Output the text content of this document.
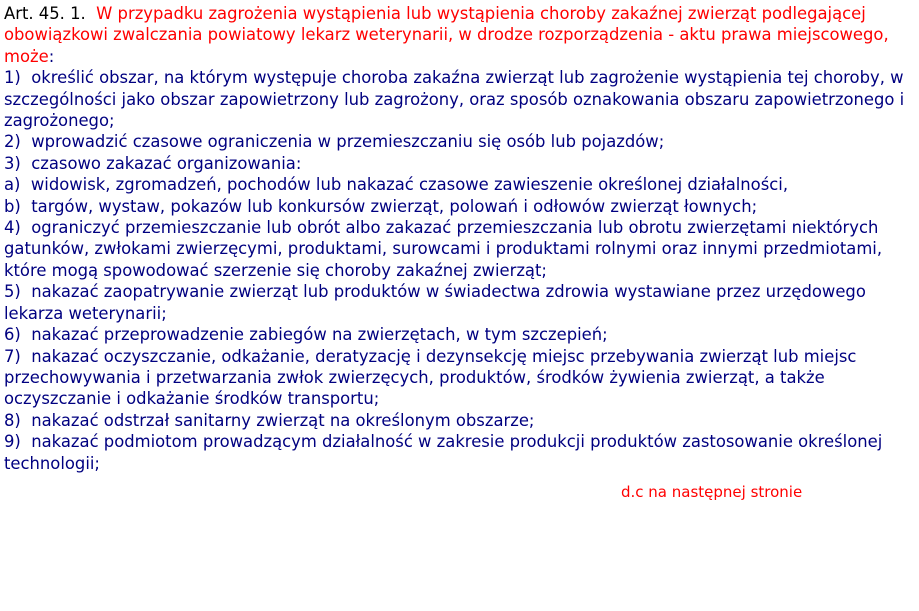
Art. 45. 1. W przypadku zagrożenia wystąpienia lub wystąpienia choroby zakaźnej zwierząt podlegającej obowiązkowi zwalczania powiatowy lekarz weterynarii, w drodze rozporządzenia - aktu prawa miejscowego, może:

1) określić obszar, na którym występuje choroba zakaźna zwierząt lub zagrożenie wystąpienia tej choroby, w szczególności jako obszar zapowietrzony lub zagrożony, oraz sposób oznakowania obszaru zapowietrzonego i zagrożonego;

2) wprowadzić czasowe ograniczenia w przemieszczaniu się osób lub pojazdów;

3) czasowo zakazać organizowania:

a) widowisk, zgromadzeń, pochodów lub nakazać czasowe zawieszenie określonej działalności,

b) targów, wystaw, pokazów lub konkursów zwierząt, polowań i odłowów zwierząt łownych;

4) ograniczyć przemieszczanie lub obrót albo zakazać przemieszczania lub obrotu zwierzętami niektórych gatunków, zwłokami zwierzęcymi, produktami, surowcami i produktami rolnymi oraz innymi przedmiotami, które mogą spowodować szerzenie się choroby zakaźnej zwierząt;

5) nakazać zaopatrywanie zwierząt lub produktów w świadectwa zdrowia wystawiane przez urzędowego lekarza weterynarii;

6) nakazać przeprowadzenie zabiegów na zwierzętach, w tym szczepień;

7) nakazać oczyszczanie, odkażanie, deratyzację i dezynsekcję miejsc przebywania zwierząt lub miejsc przechowywania i przetwarzania zwłok zwierzęcych, produktów, środków żywienia zwierząt, a także oczyszczanie i odkażanie środków transportu;

8) nakazać odstrzał sanitarny zwierząt na określonym obszarze;

9) nakazać podmiotom prowadzącym działalność w zakresie produkcji produktów zastosowanie określonej technologii;

d.c na następnej stronie
